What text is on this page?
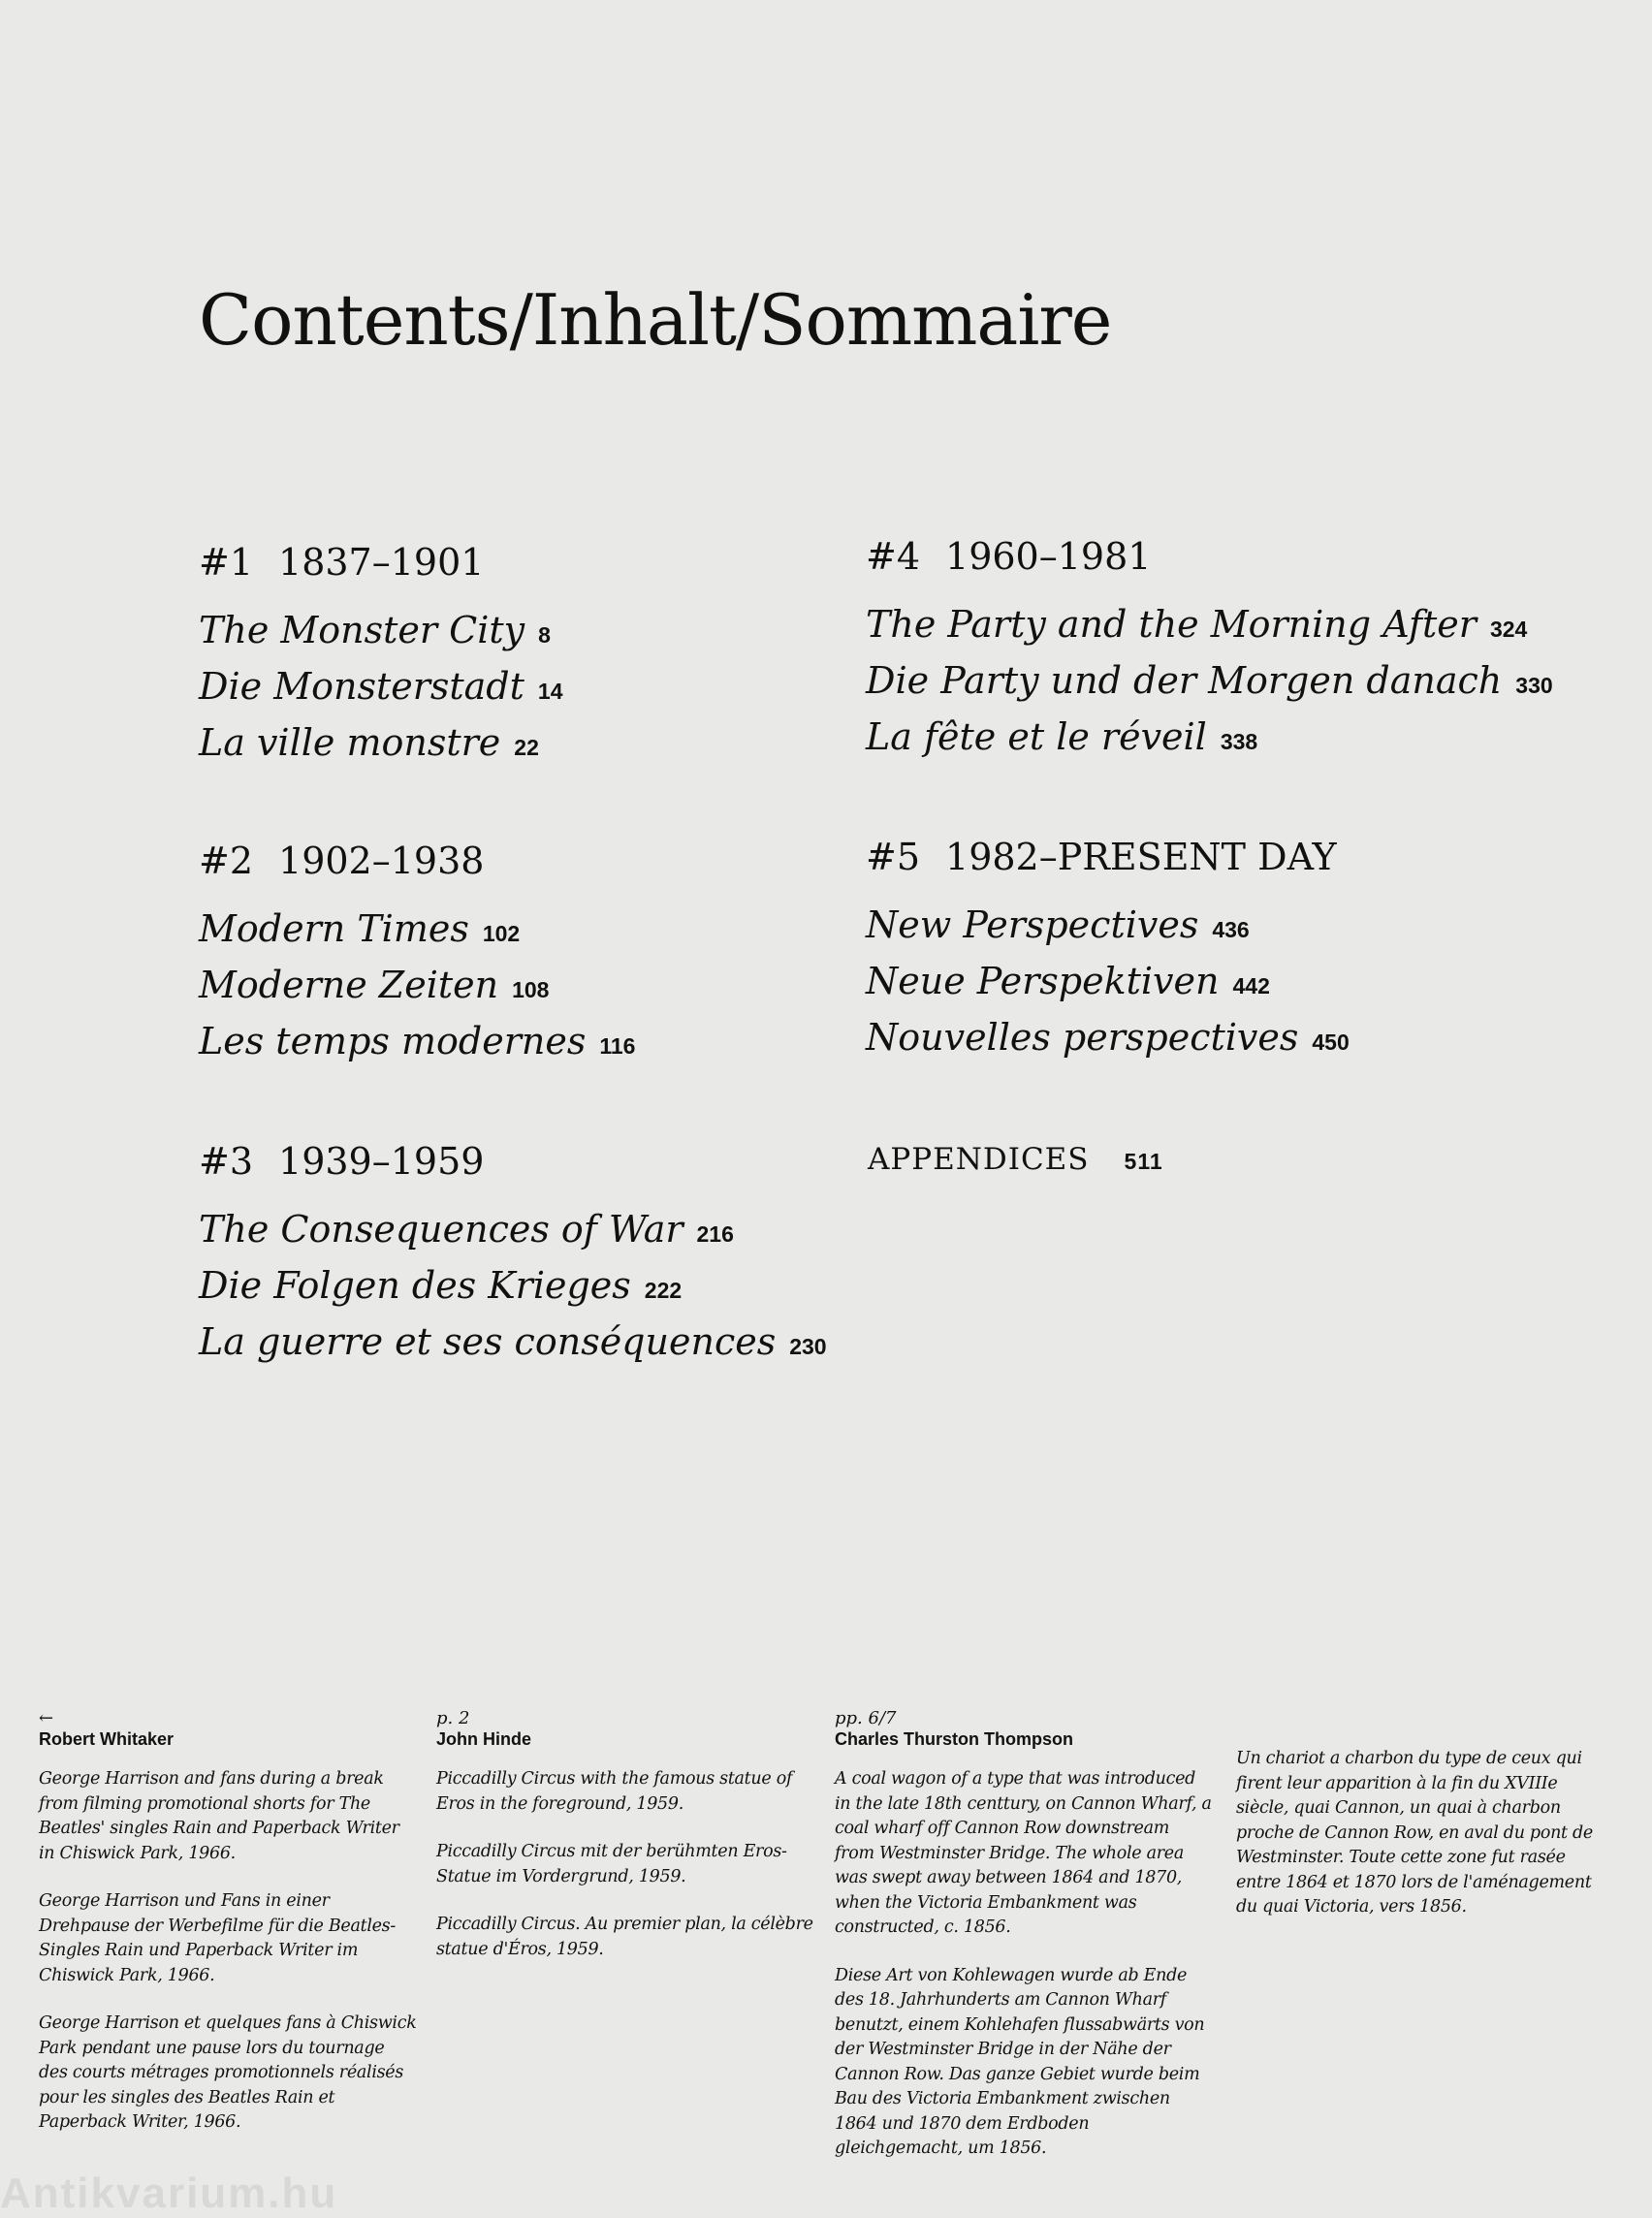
Contents/Inhalt/Sommaire
#1 1837–1901
The Monster City 8
Die Monsterstadt 14
La ville monstre 22
#2 1902–1938
Modern Times 102
Moderne Zeiten 108
Les temps modernes 116
#3 1939–1959
The Consequences of War 216
Die Folgen des Krieges 222
La guerre et ses conséquences 230
#4 1960–1981
The Party and the Morning After 324
Die Party und der Morgen danach 330
La fête et le réveil 338
#5 1982–PRESENT DAY
New Perspectives 436
Neue Perspektiven 442
Nouvelles perspectives 450
APPENDICES 511
←
Robert Whitaker

George Harrison and fans during a break from filming promotional shorts for The Beatles' singles Rain and Paperback Writer in Chiswick Park, 1966.

George Harrison und Fans in einer Drehpause der Werbefilme für die Beatles-Singles Rain und Paperback Writer im Chiswick Park, 1966.

George Harrison et quelques fans à Chiswick Park pendant une pause lors du tournage des courts métrages promotionnels réalisés pour les singles des Beatles Rain et Paperback Writer, 1966.

p. 2
John Hinde

Piccadilly Circus with the famous statue of Eros in the foreground, 1959.

Piccadilly Circus mit der berühmten Eros-Statue im Vordergrund, 1959.

Piccadilly Circus. Au premier plan, la célèbre statue d'Éros, 1959.

pp. 6/7
Charles Thurston Thompson

A coal wagon of a type that was introduced in the late 18th centtury, on Cannon Wharf, a coal wharf off Cannon Row downstream from Westminster Bridge. The whole area was swept away between 1864 and 1870, when the Victoria Embankment was constructed, c. 1856.

Diese Art von Kohlewagen wurde ab Ende des 18. Jahrhunderts am Cannon Wharf benutzt, einem Kohlehafen flussabwärts von der Westminster Bridge in der Nähe der Cannon Row. Das ganze Gebiet wurde beim Bau des Victoria Embankment zwischen 1864 und 1870 dem Erdboden gleichgemacht, um 1856.

Un chariot a charbon du type de ceux qui firent leur apparition à la fin du XVIIIe siècle, quai Cannon, un quai à charbon proche de Cannon Row, en aval du pont de Westminster. Toute cette zone fut rasée entre 1864 et 1870 lors de l'aménagement du quai Victoria, vers 1856.

Antikvarium.hu
